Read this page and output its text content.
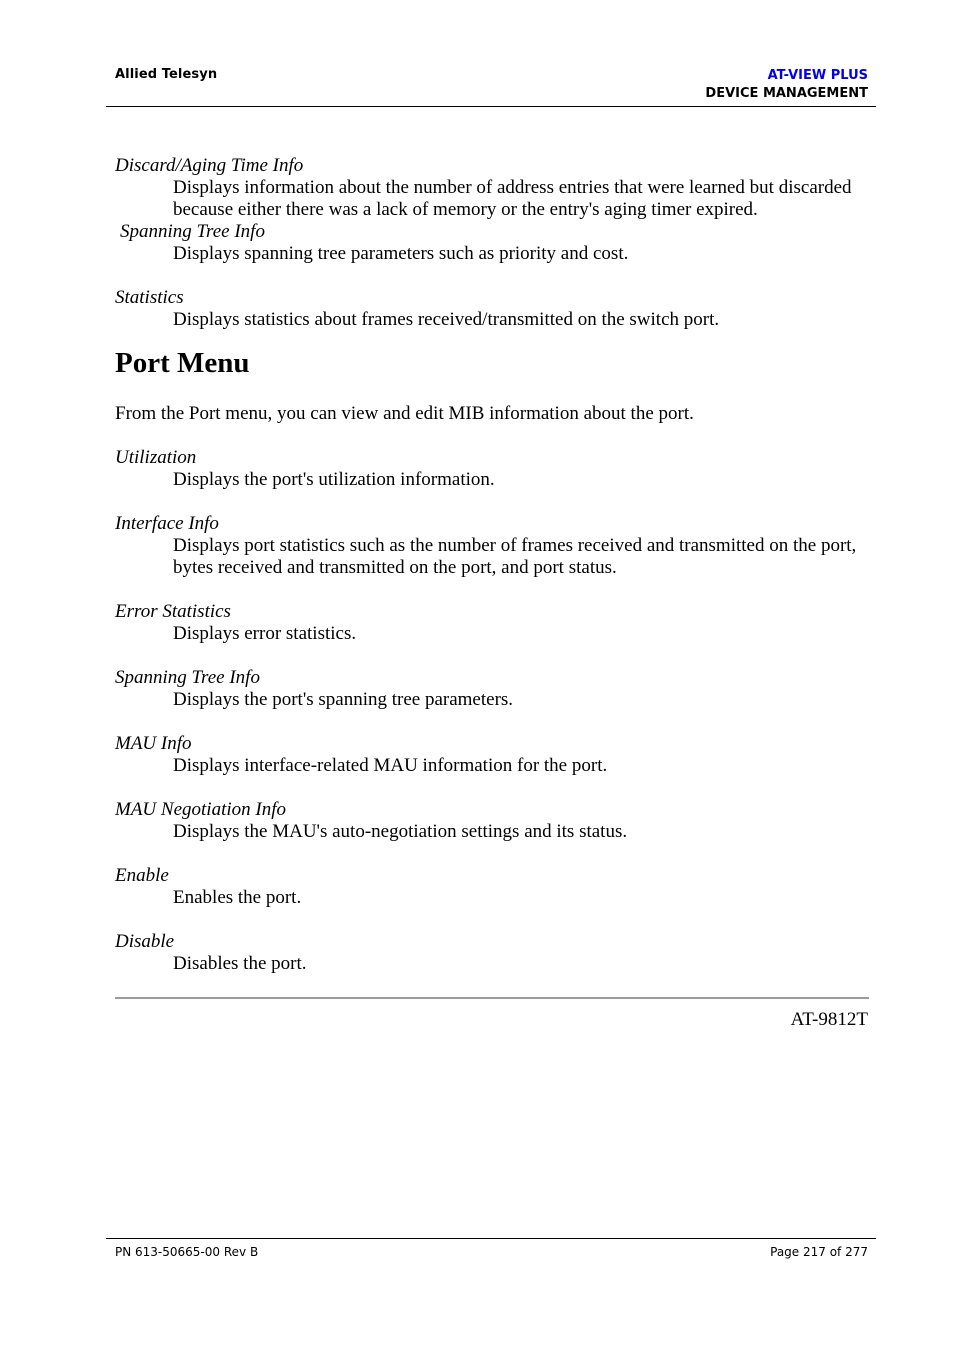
Allied Telesyn	AT-VIEW PLUS
DEVICE MANAGEMENT

Discard/Aging Time Info

Displays information about the number of address entries that were learned but discarded because either there was a lack of memory or the entry's aging timer expired.

Spanning Tree Info

Displays spanning tree parameters such as priority and cost.

Statistics

Displays statistics about frames received/transmitted on the switch port.

Port Menu

From the Port menu, you can view and edit MIB information about the port.

Utilization

Displays the port's utilization information.

Interface Info

Displays port statistics such as the number of frames received and transmitted on the port, bytes received and transmitted on the port, and port status.

Error Statistics

Displays error statistics.

Spanning Tree Info

Displays the port's spanning tree parameters.

MAU Info

Displays interface-related MAU information for the port.

MAU Negotiation Info

Displays the MAU's auto-negotiation settings and its status.

Enable

Enables the port.

Disable

Disables the port.

AT-9812T
PN 613-50665-00 Rev B	Page 217 of 277
